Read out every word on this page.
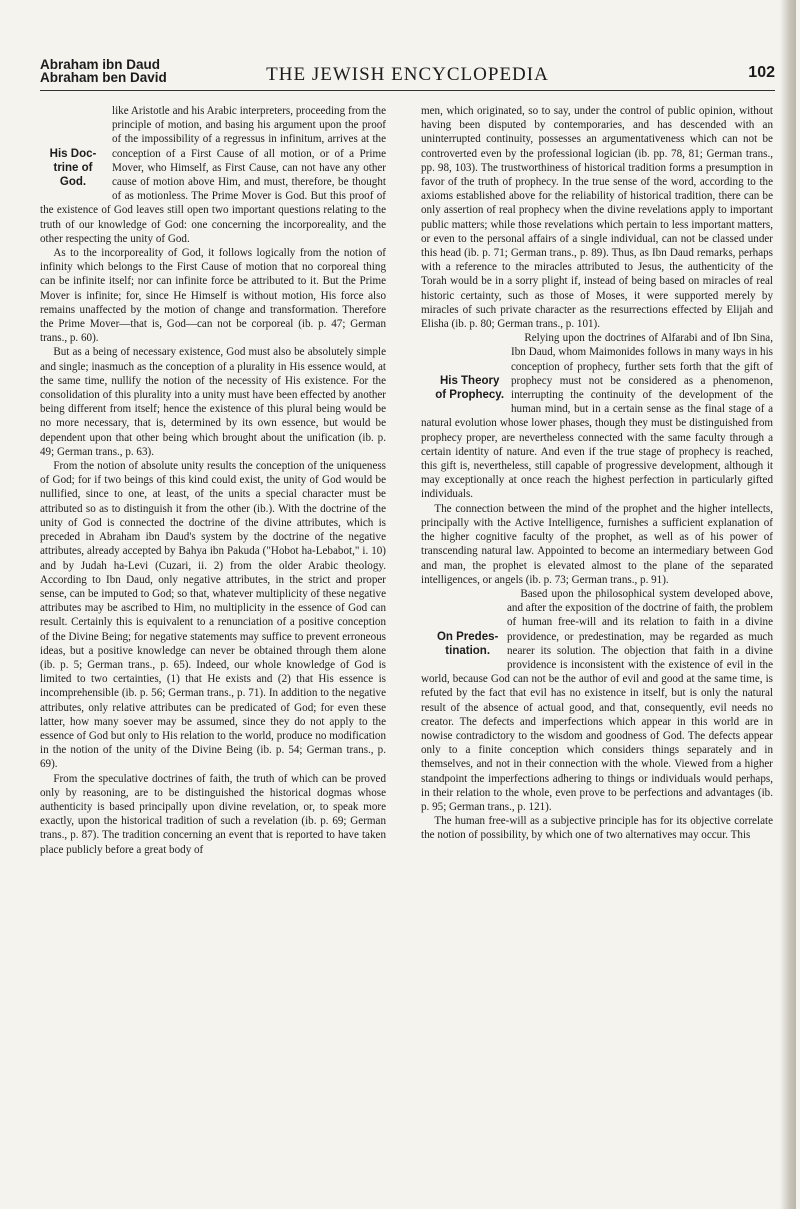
Abraham ibn Daud
Abraham ben David	THE JEWISH ENCYCLOPEDIA	102

His Doc-
trine of
God.
like Aristotle and his Arabic interpreters, proceeding from the principle of motion, and basing his argument upon the proof of the impossibility of a regressus in infinitum, arrives at the conception of a First Cause of all motion, or of a Prime Mover, who Himself, as First Cause, can not have any other cause of motion above Him, and must, therefore, be thought of as motionless. The Prime Mover is God. But this proof of the existence of God leaves still open two important questions relating to the truth of our knowledge of God: one concerning the incorporeality, and the other respecting the unity of God.

As to the incorporeality of God, it follows logically from the notion of infinity which belongs to the First Cause of motion that no corporeal thing can be infinite itself; nor can infinite force be attributed to it. But the Prime Mover is infinite; for, since He Himself is without motion, His force also remains unaffected by the motion of change and transformation. Therefore the Prime Mover—that is, God—can not be corporeal (ib. p. 47; German trans., p. 60).

But as a being of necessary existence, God must also be absolutely simple and single; inasmuch as the conception of a plurality in His essence would, at the same time, nullify the notion of the necessity of His existence. For the consolidation of this plurality into a unity must have been effected by another being different from itself; hence the existence of this plural being would be no more necessary, that is, determined by its own essence, but would be dependent upon that other being which brought about the unification (ib. p. 49; German trans., p. 63).

From the notion of absolute unity results the conception of the uniqueness of God; for if two beings of this kind could exist, the unity of God would be nullified, since to one, at least, of the units a special character must be attributed so as to distinguish it from the other (ib.). With the doctrine of the unity of God is connected the doctrine of the divine attributes, which is preceded in Abraham ibn Daud's system by the doctrine of the negative attributes, already accepted by Bahya ibn Pakuda ("Hobot ha-Lebabot," i. 10) and by Judah ha-Levi (Cuzari, ii. 2) from the older Arabic theology. According to Ibn Daud, only negative attributes, in the strict and proper sense, can be imputed to God; so that, whatever multiplicity of these negative attributes may be ascribed to Him, no multiplicity in the essence of God can result. Certainly this is equivalent to a renunciation of a positive conception of the Divine Being; for negative statements may suffice to prevent erroneous ideas, but a positive knowledge can never be obtained through them alone (ib. p. 5; German trans., p. 65). Indeed, our whole knowledge of God is limited to two certainties, (1) that He exists and (2) that His essence is incomprehensible (ib. p. 56; German trans., p. 71). In addition to the negative attributes, only relative attributes can be predicated of God; for even these latter, how many soever may be assumed, since they do not apply to the essence of God but only to His relation to the world, produce no modification in the notion of the unity of the Divine Being (ib. p. 54; German trans., p. 69).

From the speculative doctrines of faith, the truth of which can be proved only by reasoning, are to be distinguished the historical dogmas whose authenticity is based principally upon divine revelation, or, to speak more exactly, upon the historical tradition of such a revelation (ib. p. 69; German trans., p. 87). The tradition concerning an event that is reported to have taken place publicly before a great body of

men, which originated, so to say, under the control of public opinion, without having been disputed by contemporaries, and has descended with an uninterrupted continuity, possesses an argumentativeness which can not be controverted even by the professional logician (ib. pp. 78, 81; German trans., pp. 98, 103). The trustworthiness of historical tradition forms a presumption in favor of the truth of prophecy. In the true sense of the word, according to the axioms established above for the reliability of historical tradition, there can be only assertion of real prophecy when the divine revelations apply to important public matters; while those revelations which pertain to less important matters, or even to the personal affairs of a single individual, can not be classed under this head (ib. p. 71; German trans., p. 89). Thus, as Ibn Daud remarks, perhaps with a reference to the miracles attributed to Jesus, the authenticity of the Torah would be in a sorry plight if, instead of being based on miracles of real historic certainty, such as those of Moses, it were supported merely by miracles of such private character as the resurrections effected by Elijah and Elisha (ib. p. 80; German trans., p. 101).

His Theory
of Prophecy.
Relying upon the doctrines of Alfarabi and of Ibn Sina, Ibn Daud, whom Maimonides follows in many ways in his conception of prophecy, further sets forth that the gift of prophecy must not be considered as a phenomenon, interrupting the continuity of the development of the human mind, but in a certain sense as the final stage of a natural evolution whose lower phases, though they must be distinguished from prophecy proper, are nevertheless connected with the same faculty through a certain identity of nature. And even if the true stage of prophecy is reached, this gift is, nevertheless, still capable of progressive development, although it may exceptionally at once reach the highest perfection in particularly gifted individuals.

The connection between the mind of the prophet and the higher intellects, principally with the Active Intelligence, furnishes a sufficient explanation of the higher cognitive faculty of the prophet, as well as of his power of transcending natural law. Appointed to become an intermediary between God and man, the prophet is elevated almost to the plane of the separated intelligences, or angels (ib. p. 73; German trans., p. 91).

On Predes-
tination.
Based upon the philosophical system developed above, and after the exposition of the doctrine of faith, the problem of human free-will and its relation to faith in a divine providence, or predestination, may be regarded as much nearer its solution. The objection that faith in a divine providence is inconsistent with the existence of evil in the world, because God can not be the author of evil and good at the same time, is refuted by the fact that evil has no existence in itself, but is only the natural result of the absence of actual good, and that, consequently, evil needs no creator. The defects and imperfections which appear in this world are in nowise contradictory to the wisdom and goodness of God. The defects appear only to a finite conception which considers things separately and in themselves, and not in their connection with the whole. Viewed from a higher standpoint the imperfections adhering to things or individuals would perhaps, in their relation to the whole, even prove to be perfections and advantages (ib. p. 95; German trans., p. 121).

The human free-will as a subjective principle has for its objective correlate the notion of possibility, by which one of two alternatives may occur. This
